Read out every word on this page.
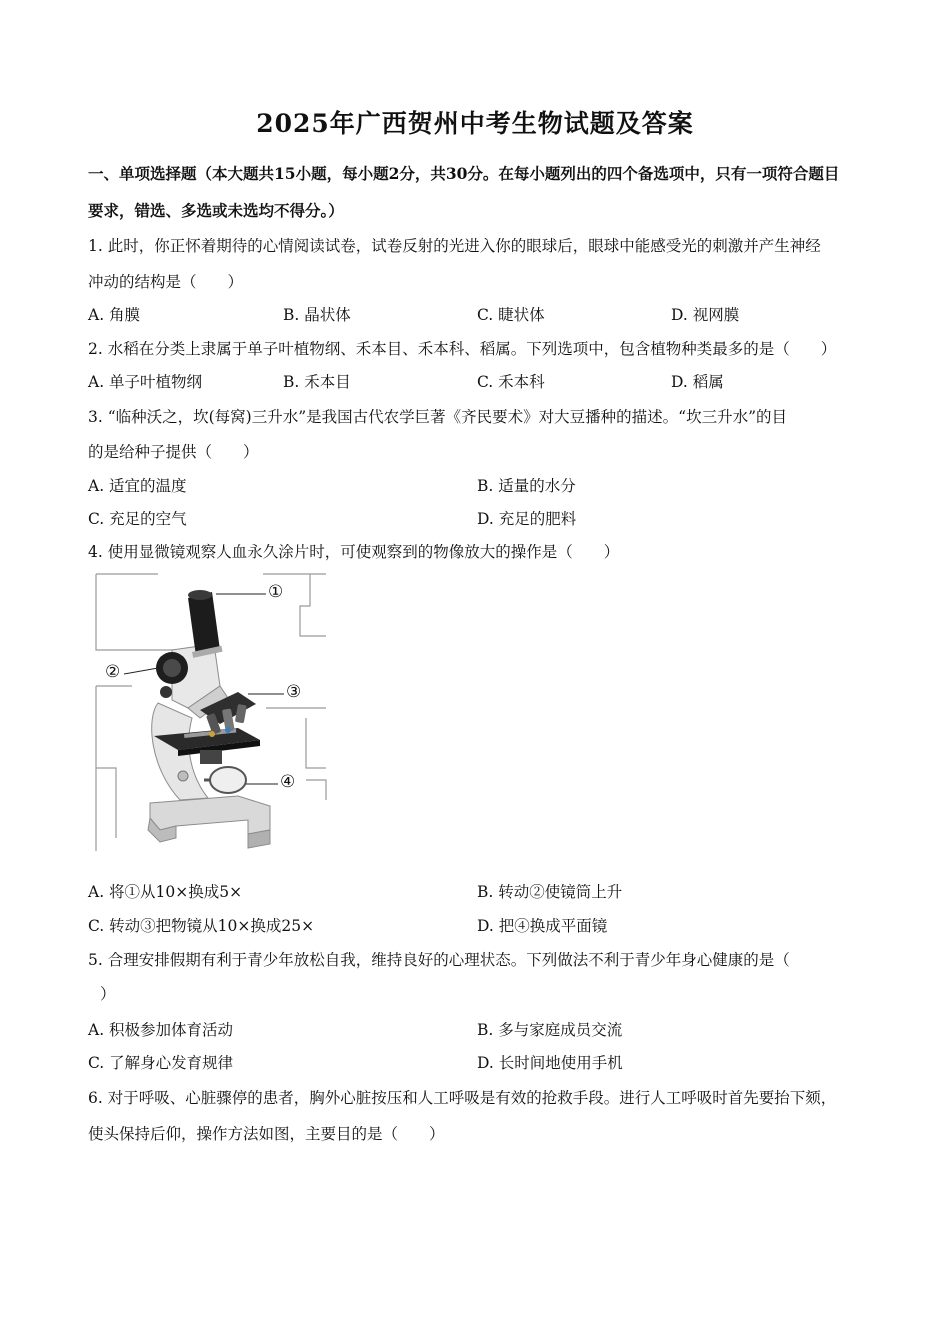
2025年广西贺州中考生物试题及答案
一、单项选择题（本大题共15小题，每小题2分，共30分。在每小题列出的四个备选项中，只有一项符合题目
要求，错选、多选或未选均不得分。）
1. 此时，你正怀着期待的心情阅读试卷，试卷反射的光进入你的眼球后，眼球中能感受光的刺激并产生神经
冲动的结构是（　　）
A. 角膜	B. 晶状体	C. 睫状体	D. 视网膜
2. 水稻在分类上隶属于单子叶植物纲、禾本目、禾本科、稻属。下列选项中，包含植物种类最多的是（　　）
A. 单子叶植物纲	B. 禾本目	C. 禾本科	D. 稻属
3. “临种沃之，坎(每窝)三升水”是我国古代农学巨著《齐民要术》对大豆播种的描述。“坎三升水”的目
的是给种子提供（　　）
A. 适宜的温度	B. 适量的水分
C. 充足的空气	D. 充足的肥料
4. 使用显微镜观察人血永久涂片时，可使观察到的物像放大的操作是（　　）
①
②
③
④
A. 将①从10×换成5×	B. 转动②使镜筒上升
C. 转动③把物镜从10×换成25×	D. 把④换成平面镜
5. 合理安排假期有利于青少年放松自我，维持良好的心理状态。下列做法不利于青少年身心健康的是（
）
A. 积极参加体育活动	B. 多与家庭成员交流
C. 了解身心发育规律	D. 长时间地使用手机
6. 对于呼吸、心脏骤停的患者，胸外心脏按压和人工呼吸是有效的抢救手段。进行人工呼吸时首先要抬下颏，
使头保持后仰，操作方法如图，主要目的是（　　）
